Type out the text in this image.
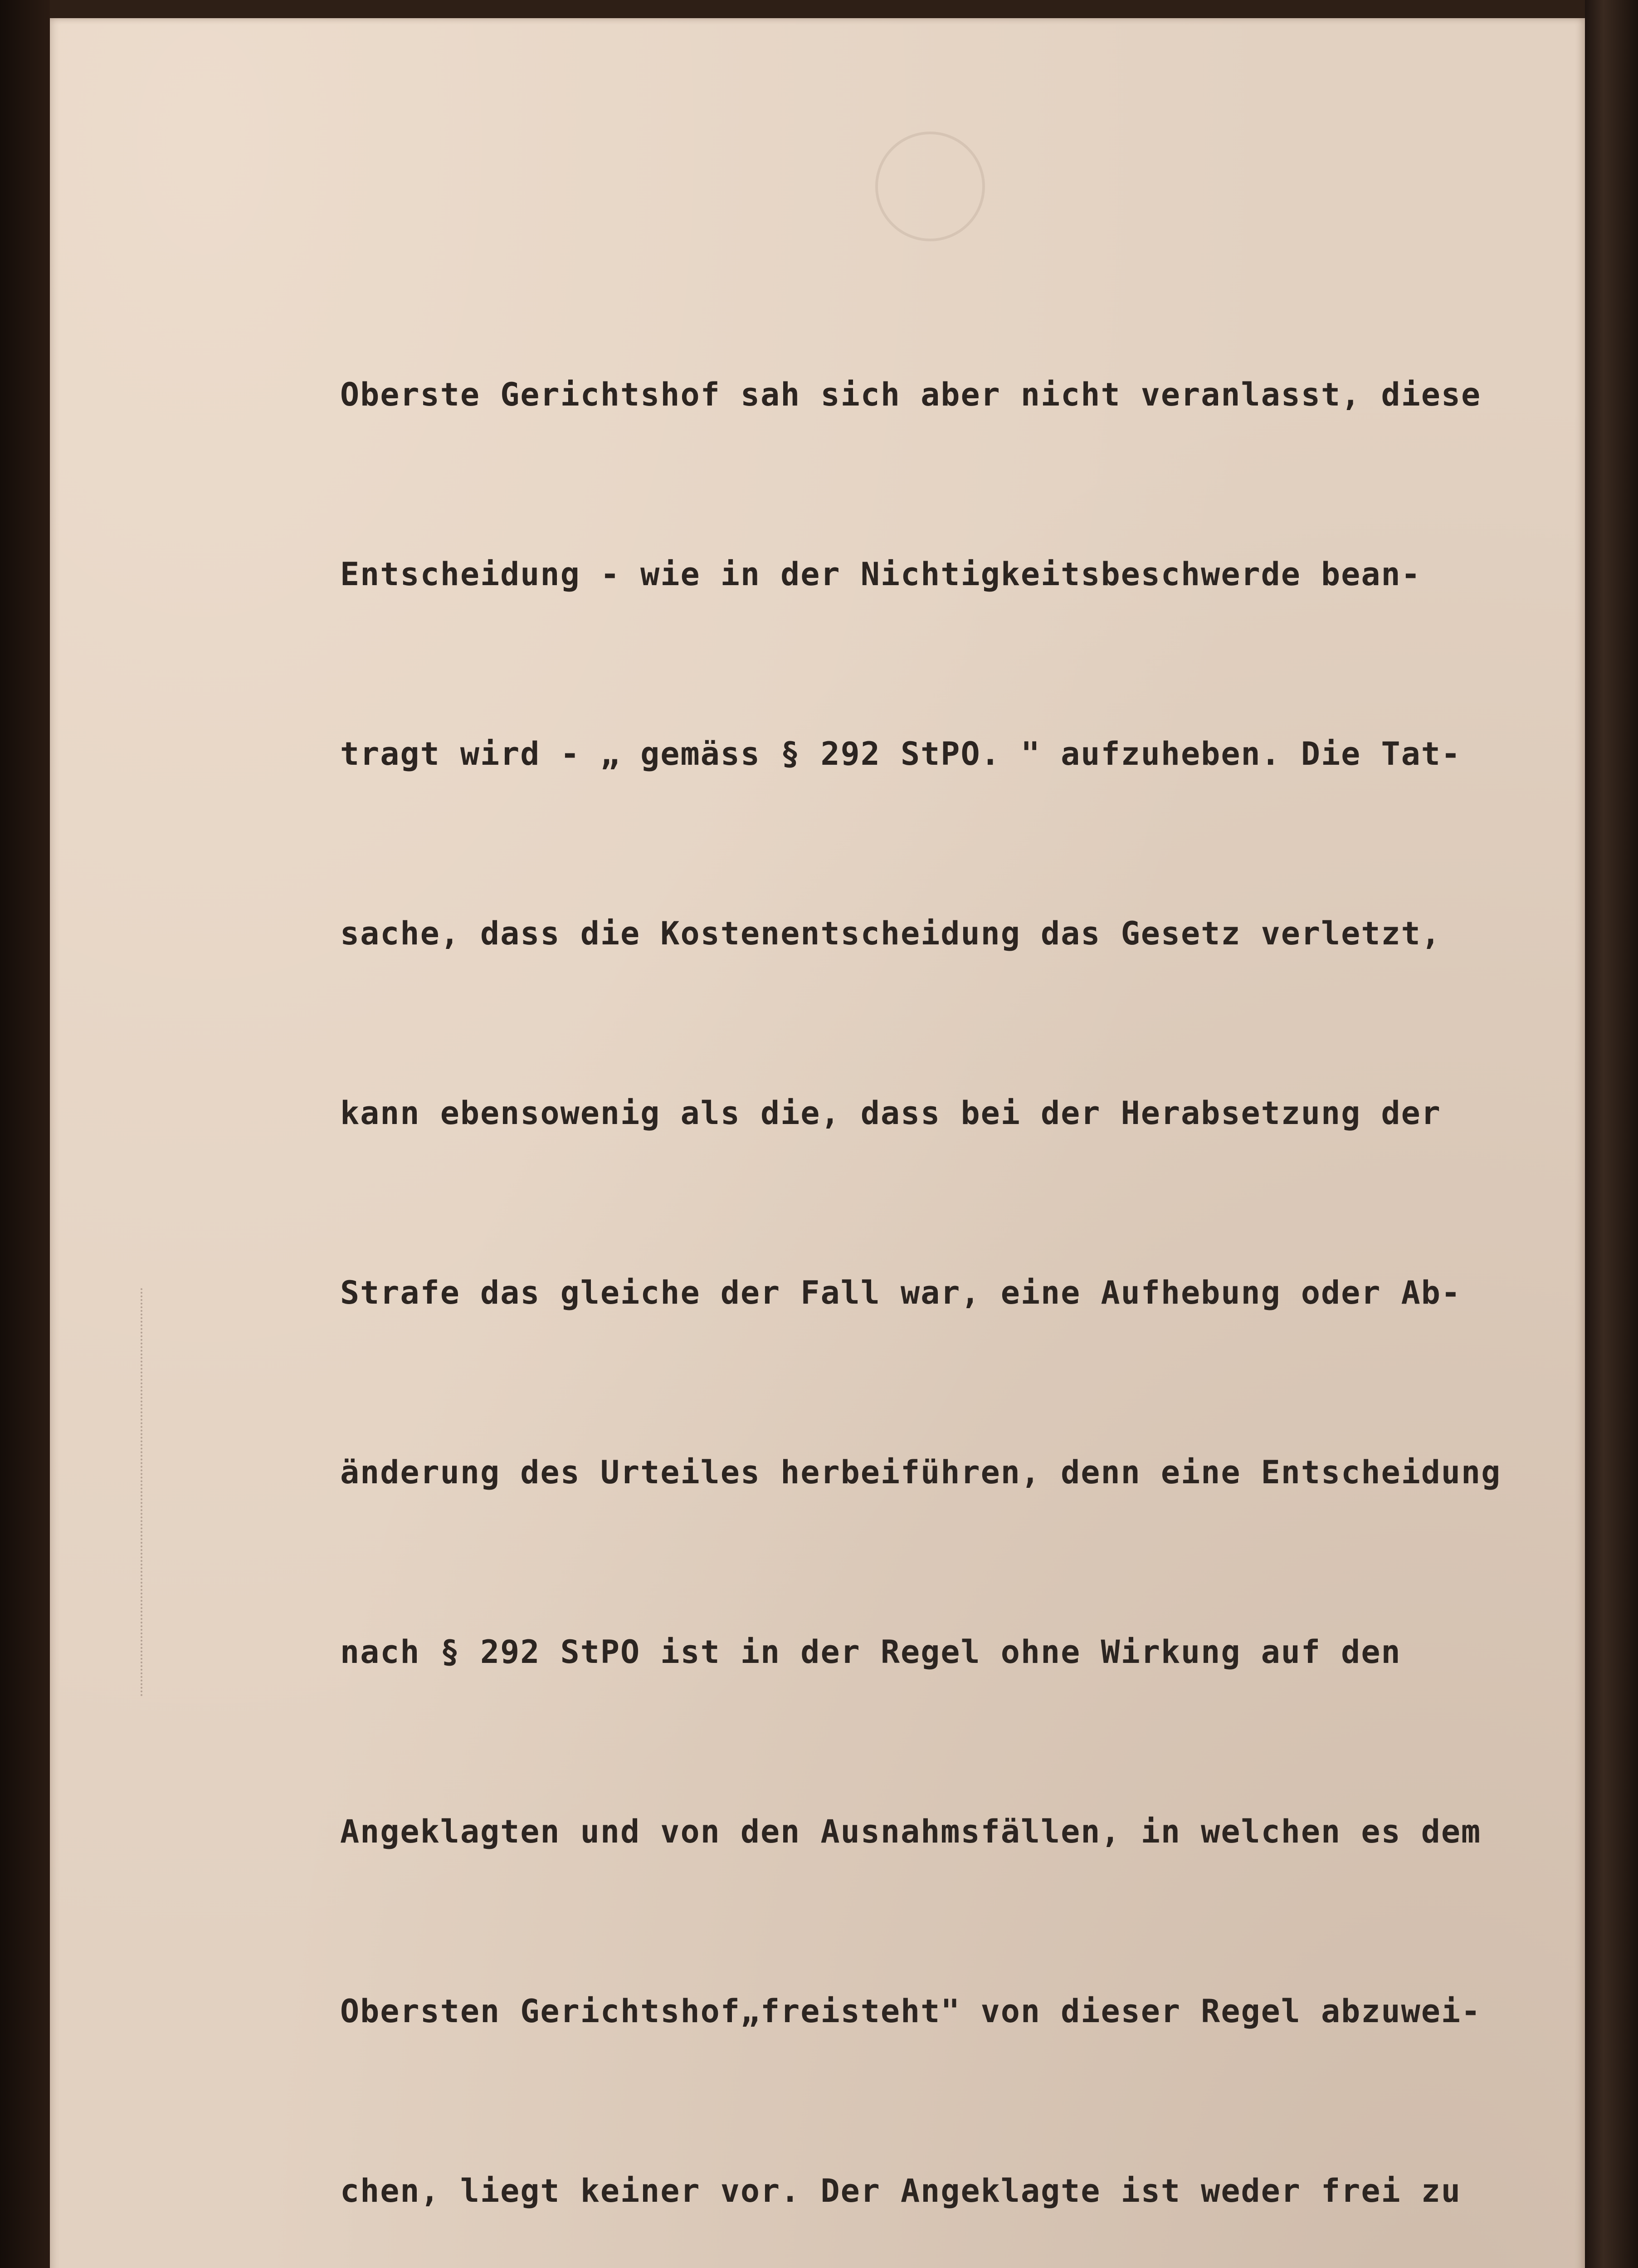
Oberste Gerichtshof sah sich aber nicht veranlasst, diese

Entscheidung - wie in der Nichtigkeitsbeschwerde bean-

tragt wird - „ gemäss § 292 StPO. " aufzuheben. Die Tat-

sache, dass die Kostenentscheidung das Gesetz verletzt,

kann ebensowenig als die, dass bei der Herabsetzung der

Strafe das gleiche der Fall war, eine Aufhebung oder Ab-

änderung des Urteiles herbeiführen, denn eine Entscheidung

nach § 292 StPO ist in der Regel ohne Wirkung auf den

Angeklagten und von den Ausnahmsfällen, in welchen es dem

Obersten Gerichtshof„freisteht" von dieser Regel abzuwei-

chen, liegt keiner vor. Der Angeklagte ist weder frei zu
